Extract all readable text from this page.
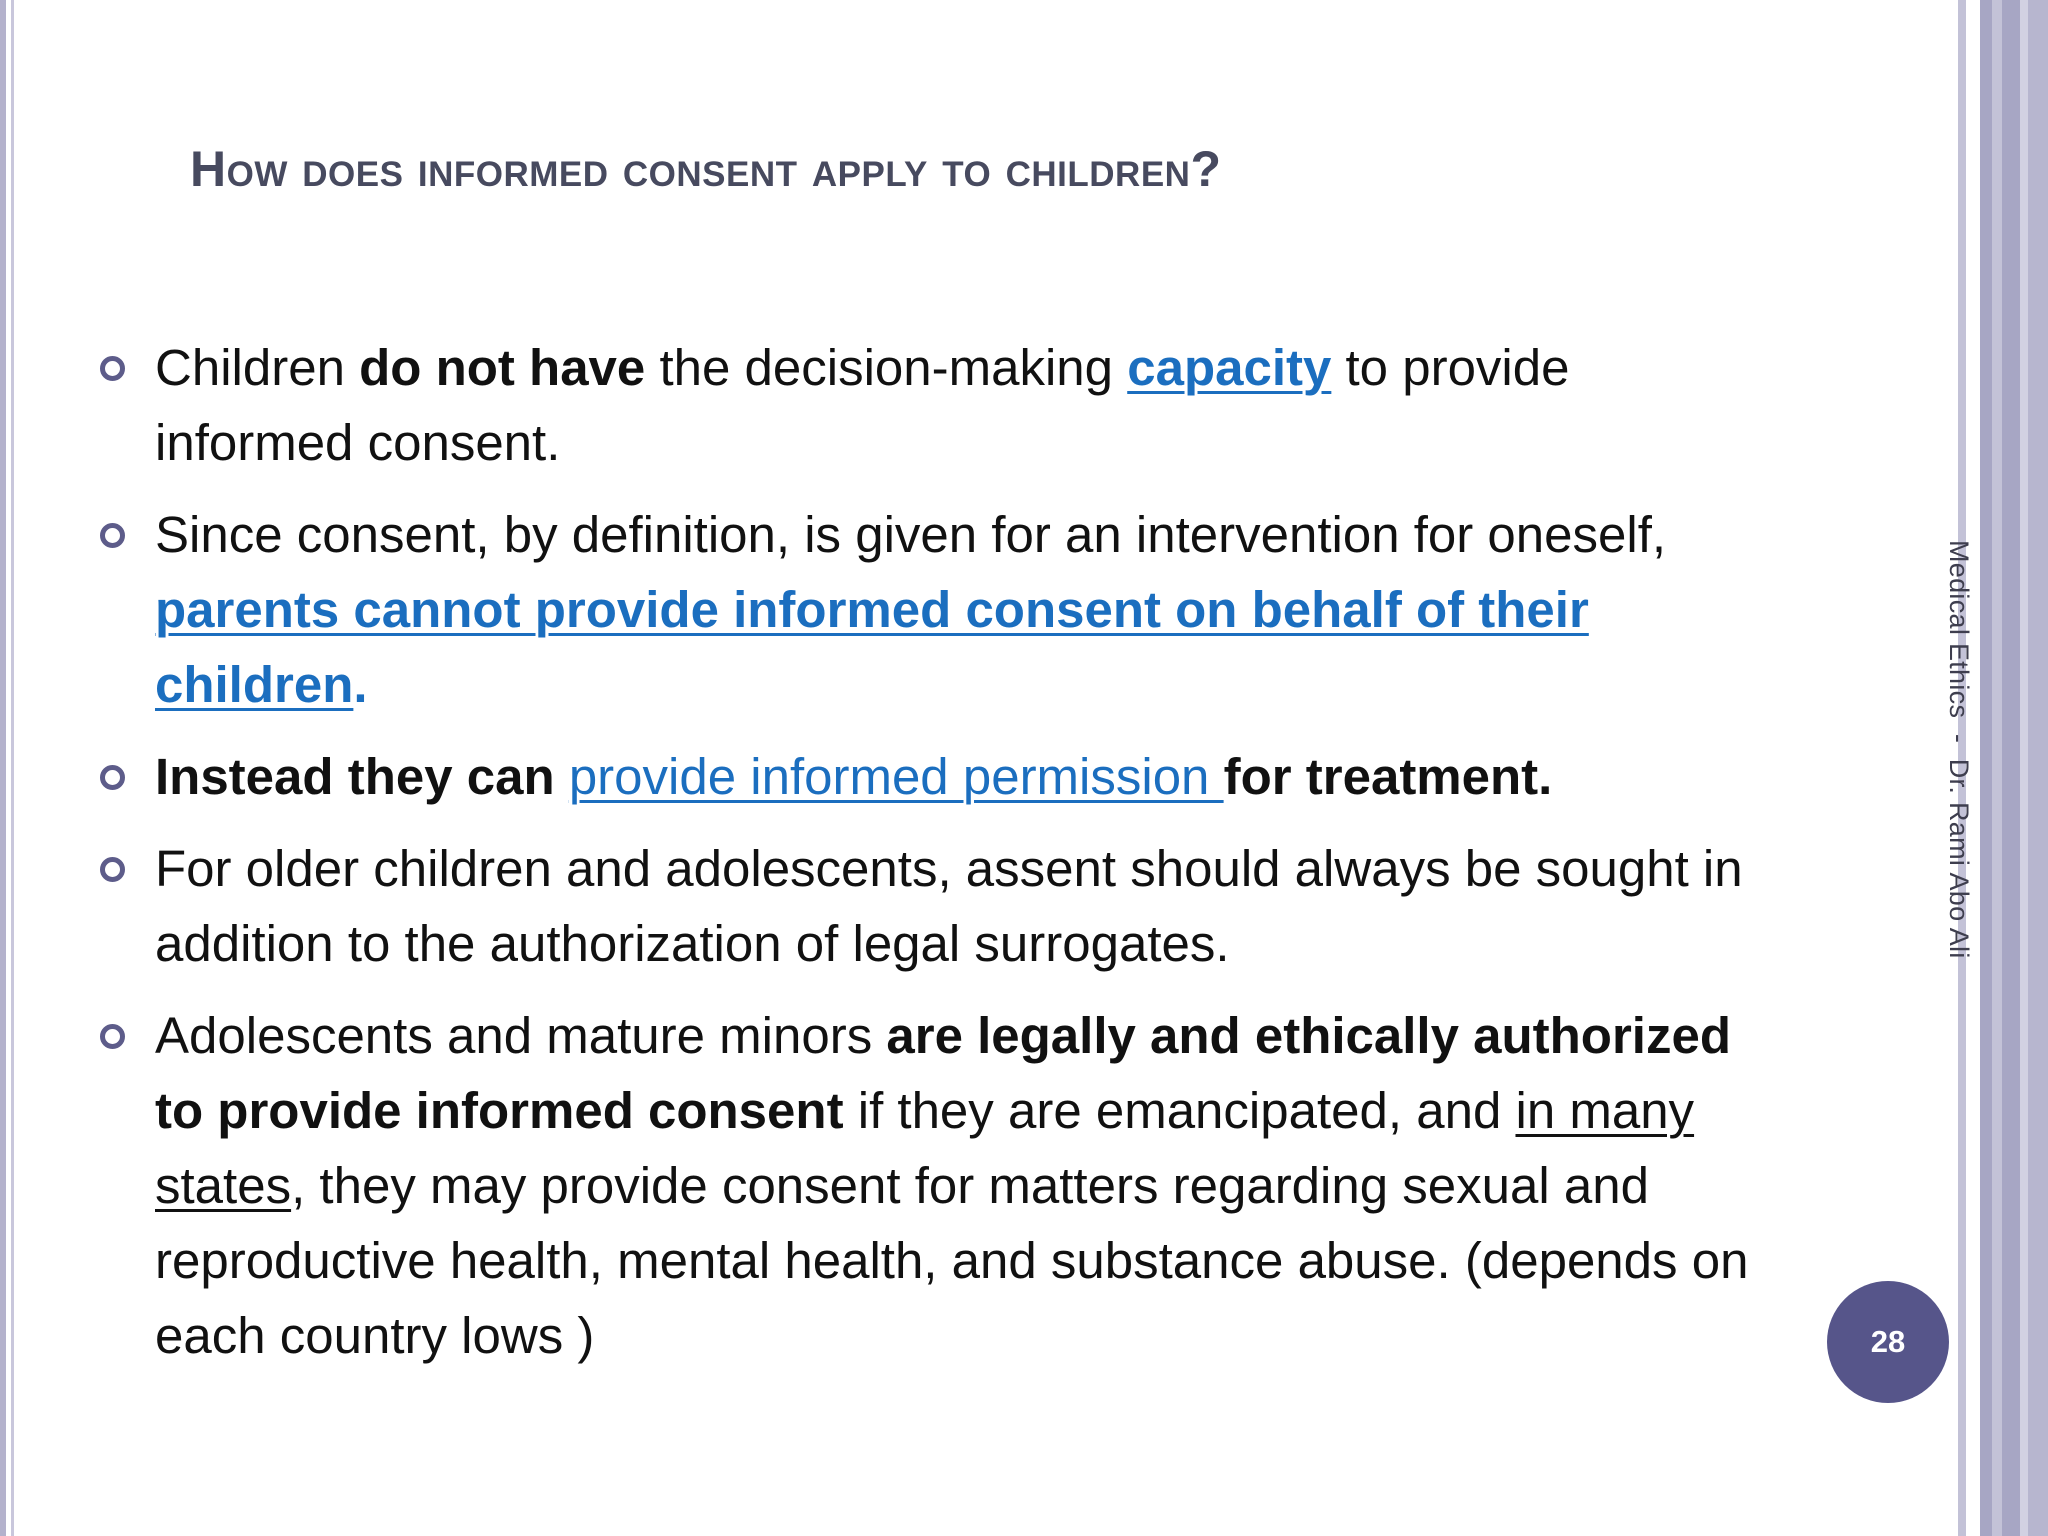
How does informed consent apply to children?
Children do not have the decision-making capacity to provide informed consent.
Since consent, by definition, is given for an intervention for oneself, parents cannot provide informed consent on behalf of their children.
Instead they can provide informed permission for treatment.
For older children and adolescents, assent should always be sought in addition to the authorization of legal surrogates.
Adolescents and mature minors are legally and ethically authorized to provide informed consent if they are emancipated, and in many states, they may provide consent for matters regarding sexual and reproductive health, mental health, and substance abuse. (depends on each country lows )
Medical Ethics  -  Dr. Rami Abo Ali
28
